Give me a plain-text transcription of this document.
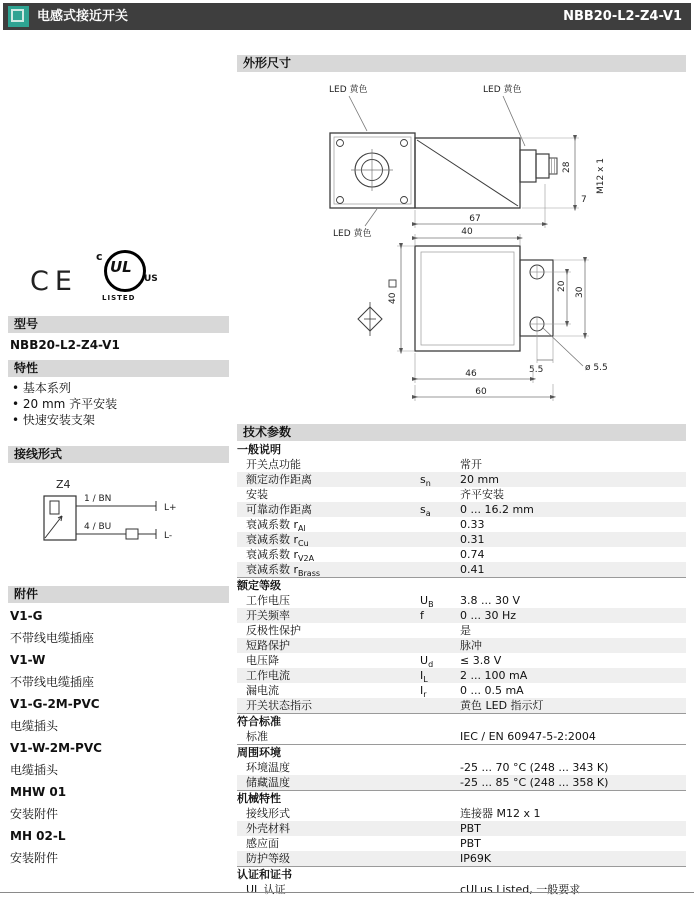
电感式接近开关	NBB20-L2-Z4-V1
CE
c
UL
US
LISTED
型号
NBB20-L2-Z4-V1
特性
• 基本系列
• 20 mm 齐平安装
• 快速安装支架
接线形式
Z4
1 / BN
L+
4 / BU
L-
附件
V1-G
不带线电缆插座
V1-W
不带线电缆插座
V1-G-2M-PVC
电缆插头
V1-W-2M-PVC
电缆插头
MHW 01
安装附件
MH 02-L
安装附件
外形尺寸
LED 黄色	LED 黄色
LED 黄色
28
7
M12 x 1
67
40
40
20
30
5.5	ø 5.5
46
60
技术参数
一般说明
开关点功能	常开
额定动作距离	$s_n$	20 mm
安装	齐平安装
可靠动作距离	$s_a$	0 ... 16.2 mm
衰减系数 $r_{Al}$	0.33
衰减系数 $r_{Cu}$	0.31
衰减系数 $r_{V2A}$	0.74
衰减系数 $r_{Brass}$	0.41
额定等级
工作电压	$U_B$	3.8 ... 30 V
开关频率	f	0 ... 30 Hz
反极性保护	是
短路保护	脉冲
电压降	$U_d$	≤ 3.8 V
工作电流	$I_L$	2 ... 100 mA
漏电流	$I_r$	0 ... 0.5 mA
开关状态指示	黄色 LED 指示灯
符合标准
标准	IEC / EN 60947-5-2:2004
周围环境
环境温度	-25 ... 70 °C (248 ... 343 K)
储藏温度	-25 ... 85 °C (248 ... 358 K)
机械特性
接线形式	连接器 M12 x 1
外壳材料	PBT
感应面	PBT
防护等级	IP69K
认证和证书
UL 认证	cULus Listed, 一般要求
